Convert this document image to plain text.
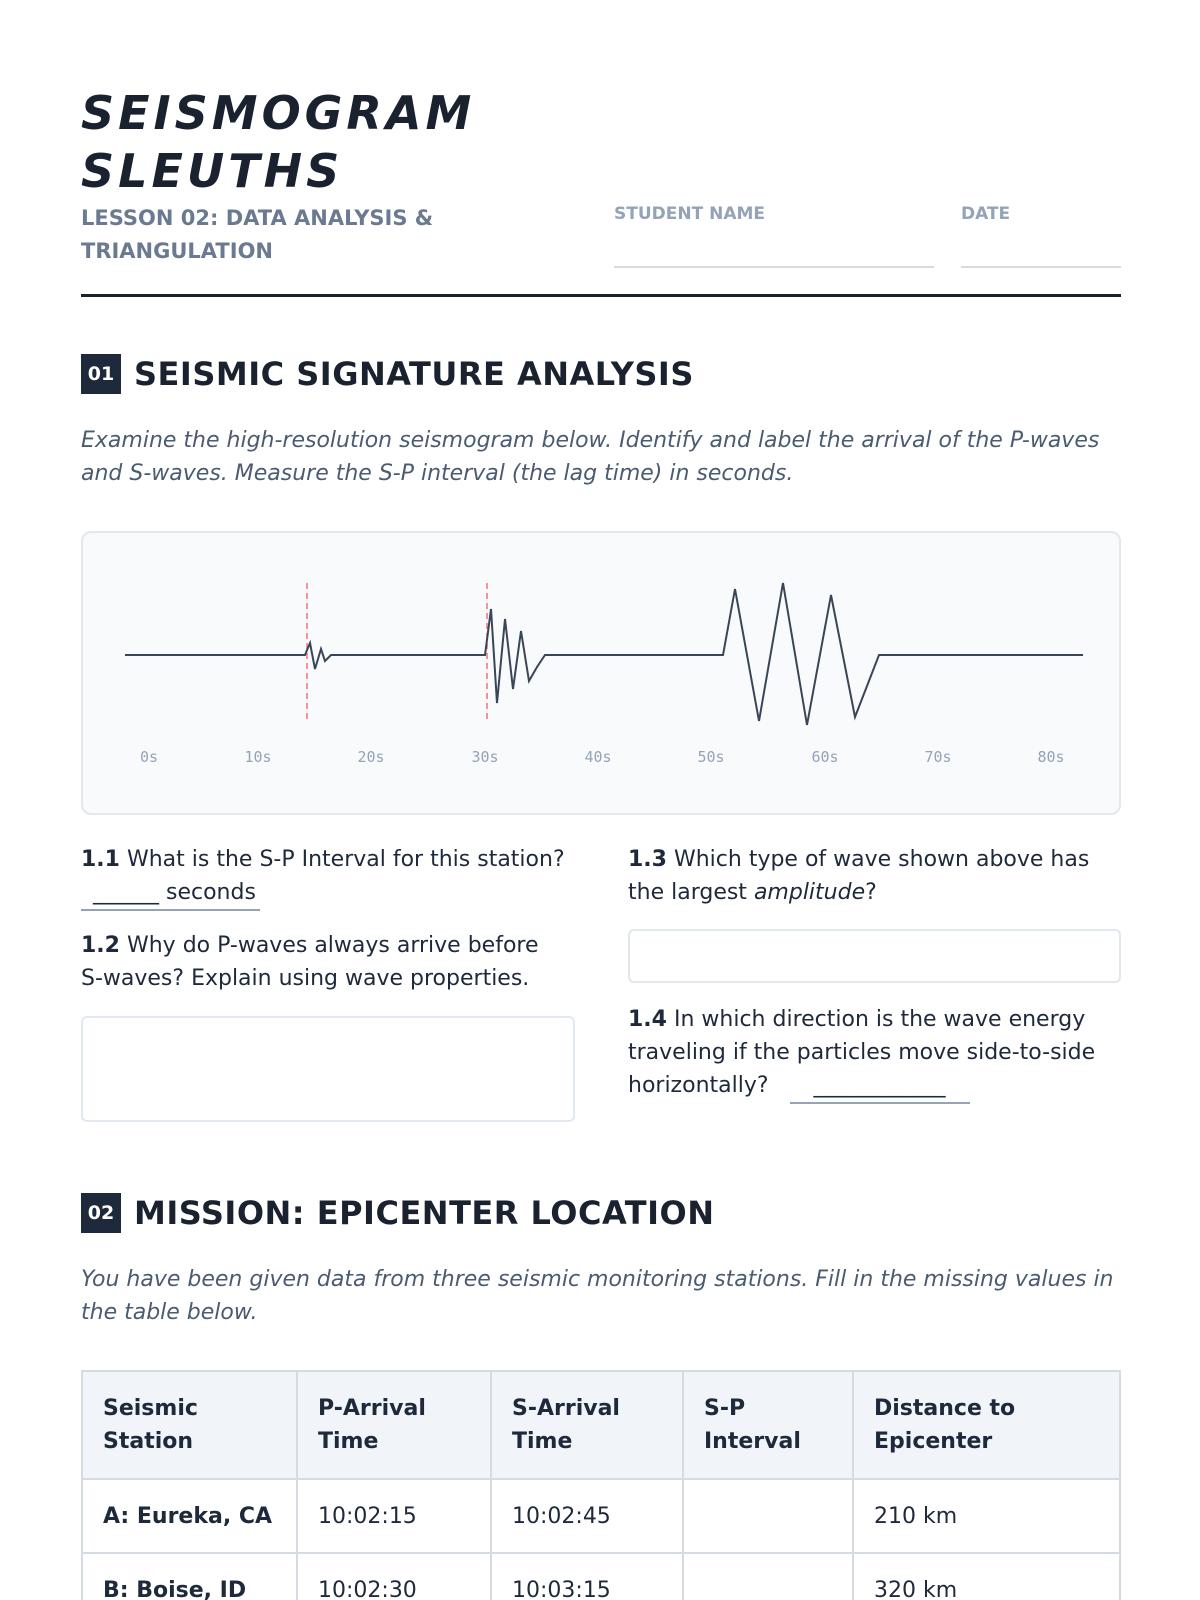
SEISMOGRAM
SLEUTHS
LESSON 02: DATA ANALYSIS & TRIANGULATION
STUDENT NAME	DATE
01 SEISMIC SIGNATURE ANALYSIS
Examine the high-resolution seismogram below. Identify and label the arrival of the P-waves and S-waves. Measure the S-P interval (the lag time) in seconds.
0s	10s	20s	30s	40s	50s	60s	70s	80s
1.1 What is the S-P Interval for this station?
______ seconds
1.2 Why do P-waves always arrive before S-waves? Explain using wave properties.
1.3 Which type of wave shown above has the largest amplitude?
1.4 In which direction is the wave energy traveling if the particles move side-to-side horizontally? ____________
02 MISSION: EPICENTER LOCATION
You have been given data from three seismic monitoring stations. Fill in the missing values in the table below.
Seismic Station	P-Arrival Time	S-Arrival Time	S-P Interval	Distance to Epicenter
A: Eureka, CA	10:02:15	10:02:45		210 km
B: Boise, ID	10:02:30	10:03:15		320 km
